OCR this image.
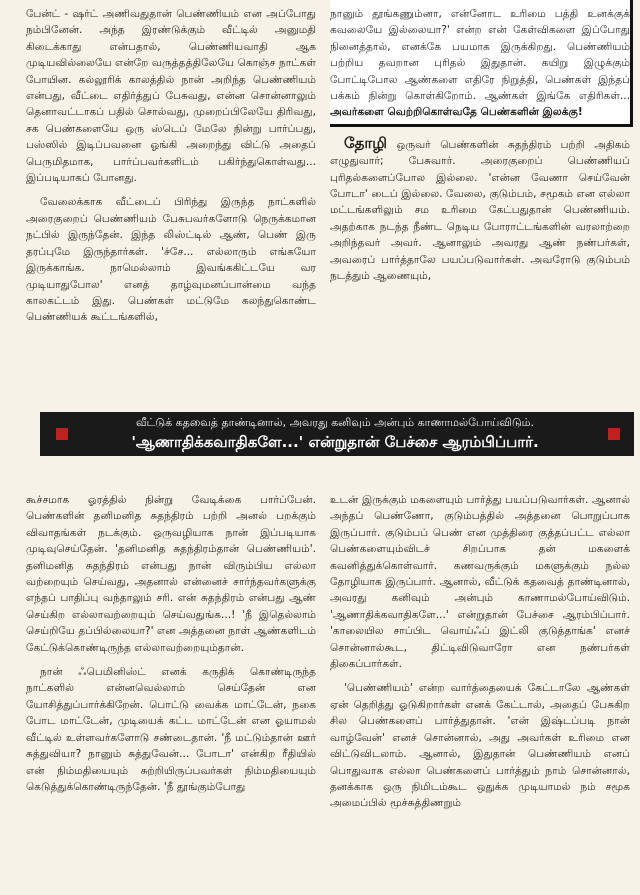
பேன்ட் - ஷர்ட் அணிவதுதான் பெண்ணியம் என அப்போது நம்பினேன். அந்த இரண்டுக்கும் வீட்டில் அனுமதி கிடைக்காது என்பதால், பெண்ணியவாதி ஆக முடியவில்லையே என்றே வருத்தத்திலேயே கொஞ்ச நாட்கள் போயின. கல்லூரிக் காலத்தில் நான் அறிந்த பெண்ணியம் என்பது, வீட்டை எதிர்த்துப் பேசுவது, என்ன சொன்னாலும் தெனாவட்டாகப் பதில் சொல்வது, முறைப்பிலேயே திரிவது, சக பெண்களையே ஒரு ஸ்டெப் மேலே நின்று பார்ப்பது, பஸ்ஸில் இடிப்பவனை ஓங்கி அறைந்து விட்டு அதைப் பெருமிதமாக, பார்ப்பவர்களிடம் பகிர்ந்துகொள்வது... இப்படியாகப் போனது.

வேலைக்காக வீட்டைப் பிரிந்து இருந்த நாட்களில் அரைகுறைப் பெண்ணியம் பேசுபவர்களோடு நெருக்கமான நட்பில் இருந்தேன். இந்த லிஸ்ட்டில் ஆண், பெண் இரு தரப்புமே இருந்தார்கள். 'ச்சே... எல்லாரும் எங்கயோ இருக்காங்க. நாமெல்லாம் இவங்ககிட்டயே வர முடியாதுபோல' எனத் தாழ்வுமனப்பான்மை வந்த காலகட்டம் இது. பெண்கள் மட்டுமே கலந்துகொண்ட பெண்ணியக் கூட்டங்களில்,

நானும் தூங்கணும்னா, என்னோட உரிமை பத்தி உனக்குக் கவலையே இல்லையா?' என்ற என் கேள்விகளை இப்போது நினைத்தால், எனக்கே பயமாக இருக்கிறது. பெண்ணியம் பற்றிய தவறான புரிதல் இதுதான். கயிறு இழுக்கும் போட்டிபோல ஆண்களை எதிரே நிறுத்தி, பெண்கள் இந்தப் பக்கம் நின்று கொள்கிறோம். ஆண்கள் இங்கே எதிரிகள்... அவர்களை வெற்றிகொள்வதே பெண்களின் இலக்கு!

தோழி ஒருவர் பெண்களின் சுதந்திரம் பற்றி அதிகம் எழுதுவார்; பேசுவார். அரைகுறைப் பெண்ணியப் புரிதல்களைப்போல இல்லை. 'என்ன வேணா செய்வேன் போடா' டைப் இல்லை. வேலை, குடும்பம், சமூகம் என எல்லா மட்டங்களிலும் சம உரிமை கேட்பதுதான் பெண்ணியம். அதற்காக நடந்த நீண்ட நெடிய போராட்டங்களின் வரலாற்றை அறிந்தவர் அவர். ஆனாலும் அவரது ஆண் நண்பர்கள், அவரைப் பார்த்தாலே பயப்படுவார்கள். அவரோடு குடும்பம் நடத்தும் ஆணையும்,

வீட்டுக் கதவைத் தாண்டினால், அவரது கனிவும் அன்பும் காணாமல்போய்விடும்.
'ஆணாதிக்கவாதிகளே...' என்றுதான் பேச்சை ஆரம்பிப்பார்.

கூச்சமாக ஓரத்தில் நின்று வேடிக்கை பார்ப்பேன். பெண்களின் தனிமனித சுதந்திரம் பற்றி அனல் பறக்கும் விவாதங்கள் நடக்கும். ஒருவழியாக நான் இப்படியாக முடிவுசெய்தேன். 'தனிமனித சுதந்திரம்தான் பெண்ணியம்'. தனிமனித சுதந்திரம் என்பது நான் விரும்பிய எல்லா வற்றையும் செய்வது, அதனால் என்னைச் சார்ந்தவர்களுக்கு எந்தப் பாதிப்பு வந்தாலும் சரி. என் சுதந்திரம் என்பது ஆண் செய்கிற எல்லாவற்றையும் செய்வதுங்க...! 'நீ இதெல்லாம் செய்றியே தப்பில்லையா?' என அத்தனை நாள் ஆண்களிடம் கேட்டுக்கொண்டிருந்த எல்லாவற்றையும்தான்.

நான் ஃபெமினிஸ்ட் எனக் கருதிக் கொண்டிருந்த நாட்களில் என்னவெல்லாம் செய்தேன் என யோசித்துப்பார்க்கிறேன். பொட்டு வைக்க மாட்டேன், நகை போட மாட்டேன், முடியைக் கட்ட மாட்டேன் என ஓயாமல் வீட்டில் உள்ளவர்களோடு சண்டைதான். 'நீ மட்டும்தான் ஊர் சுத்துவியா? நானும் சுத்துவேன்... போடா' என்கிற ரீதியில் என் நிம்மதியையும் சுற்றியிருப்பவர்கள் நிம்மதியையும் கெடுத்துக்கொண்டிருந்தேன். 'நீ தூங்கும்போது

உடன் இருக்கும் மகளையும் பார்த்து பயப்படுவார்கள். ஆனால் அந்தப் பெண்ணோ, குடும்பத்தில் அத்தனை பொறுப்பாக இருப்பார். குடும்பப் பெண் என முத்திரை குத்தப்பட்ட எல்லா பெண்களையும்விடச் சிறப்பாக தன் மகளைக் கவனித்துக்கொள்வார். கணவருக்கும் மகளுக்கும் நல்ல தோழியாக இருப்பார். ஆனால், வீட்டுக் கதவைத் தாண்டினால், அவரது கனிவும் அன்பும் காணாமல்போய்விடும். 'ஆணாதிக்கவாதிகளே...' என்றுதான் பேச்சை ஆரம்பிப்பார். 'காலையில சாப்பிட வொய்ஃப் இட்லி குடுத்தாங்க' எனச் சொன்னால்கூட, திட்டிவிடுவாரோ என நண்பர்கள் திகைப்பார்கள்.

'பெண்ணியம்' என்ற வார்த்தையைக் கேட்டாலே ஆண்கள் ஏன் தெறித்து ஓடுகிறார்கள் எனக் கேட்டால், அதைப் பேசுகிற சில பெண்களைப் பார்த்துதான். 'என் இஷ்டப்படி நான் வாழ்வேன்' எனச் சொன்னால், அது அவர்கள் உரிமை என விட்டுவிடலாம். ஆனால், இதுதான் பெண்ணியம் எனப் பொதுவாக எல்லா பெண்களைப் பார்த்தும் நாம் சொன்னால், தனக்காக ஒரு நிமிடம்கூட ஒதுக்க முடியாமல் நம் சமூக அமைப்பில் மூச்சுத்திணறும்
